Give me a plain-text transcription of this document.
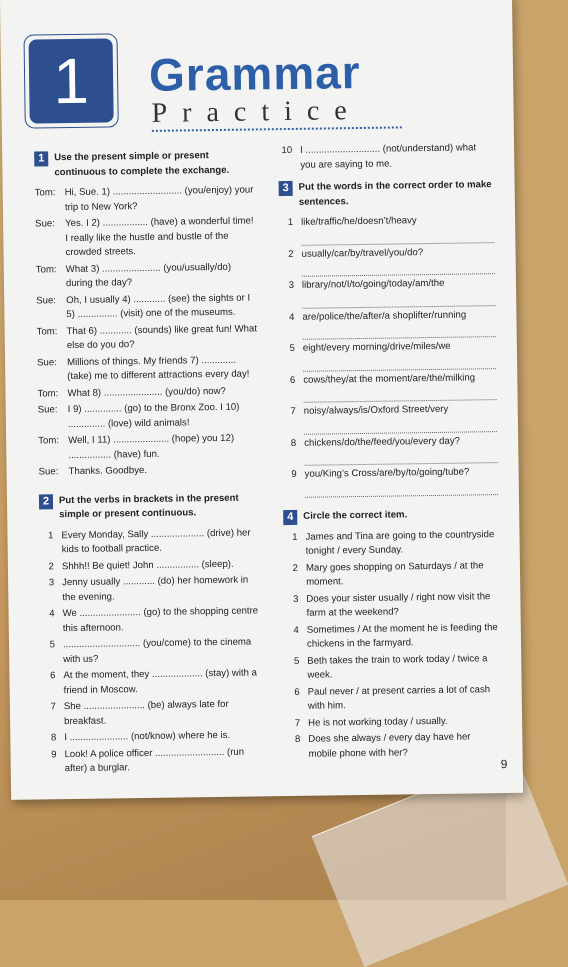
1	Grammar
Practice
1	Use the present simple or present continuous to complete the exchange.
Tom: Hi, Sue. 1) .......................... (you/enjoy) your trip to New York?
Sue:	Yes. I 2) ................. (have) a wonderful time! I really like the hustle and bustle of the crowded streets.
Tom: What 3) ...................... (you/usually/do) during the day?
Sue:	Oh, I usually 4) ............ (see) the sights or I 5) ............... (visit) one of the museums.
Tom: That 6) ............ (sounds) like great fun! What else do you do?
Sue:	Millions of things. My friends 7) ............. (take) me to different attractions every day!
Tom: What 8) ...................... (you/do) now?
Sue:	I 9) .............. (go) to the Bronx Zoo. I 10) .............. (love) wild animals!
Tom: Well, I 11) ..................... (hope) you 12) ................ (have) fun.
Sue:	Thanks. Goodbye.
2	Put the verbs in brackets in the present simple or present continuous.
1 Every Monday, Sally .................... (drive) her kids to football practice.
2 Shhh!! Be quiet! John ................ (sleep).
3 Jenny usually ............ (do) her homework in the evening.
4 We ....................... (go) to the shopping centre this afternoon.
5 ............................. (you/come) to the cinema with us?
6 At the moment, they ................... (stay) with a friend in Moscow.
7 She ....................... (be) always late for breakfast.
8 I ...................... (not/know) where he is.
9 Look! A police officer .......................... (run after) a burglar.
10 I ............................ (not/understand) what you are saying to me.
3	Put the words in the correct order to make sentences.
1 like/traffic/he/doesn’t/heavy
2 usually/car/by/travel/you/do?
3 library/not/I/to/going/today/am/the
4 are/police/the/after/a shoplifter/running
5 eight/every morning/drive/miles/we
6 cows/they/at the moment/are/the/milking
7 noisy/always/is/Oxford Street/very
8 chickens/do/the/feed/you/every day?
9 you/King’s Cross/are/by/to/going/tube?
4	Circle the correct item.
1 James and Tina are going to the countryside tonight / every Sunday.
2 Mary goes shopping on Saturdays / at the moment.
3 Does your sister usually / right now visit the farm at the weekend?
4 Sometimes / At the moment he is feeding the chickens in the farmyard.
5 Beth takes the train to work today / twice a week.
6 Paul never / at present carries a lot of cash with him.
7 He is not working today / usually.
8 Does she always / every day have her mobile phone with her?
9
